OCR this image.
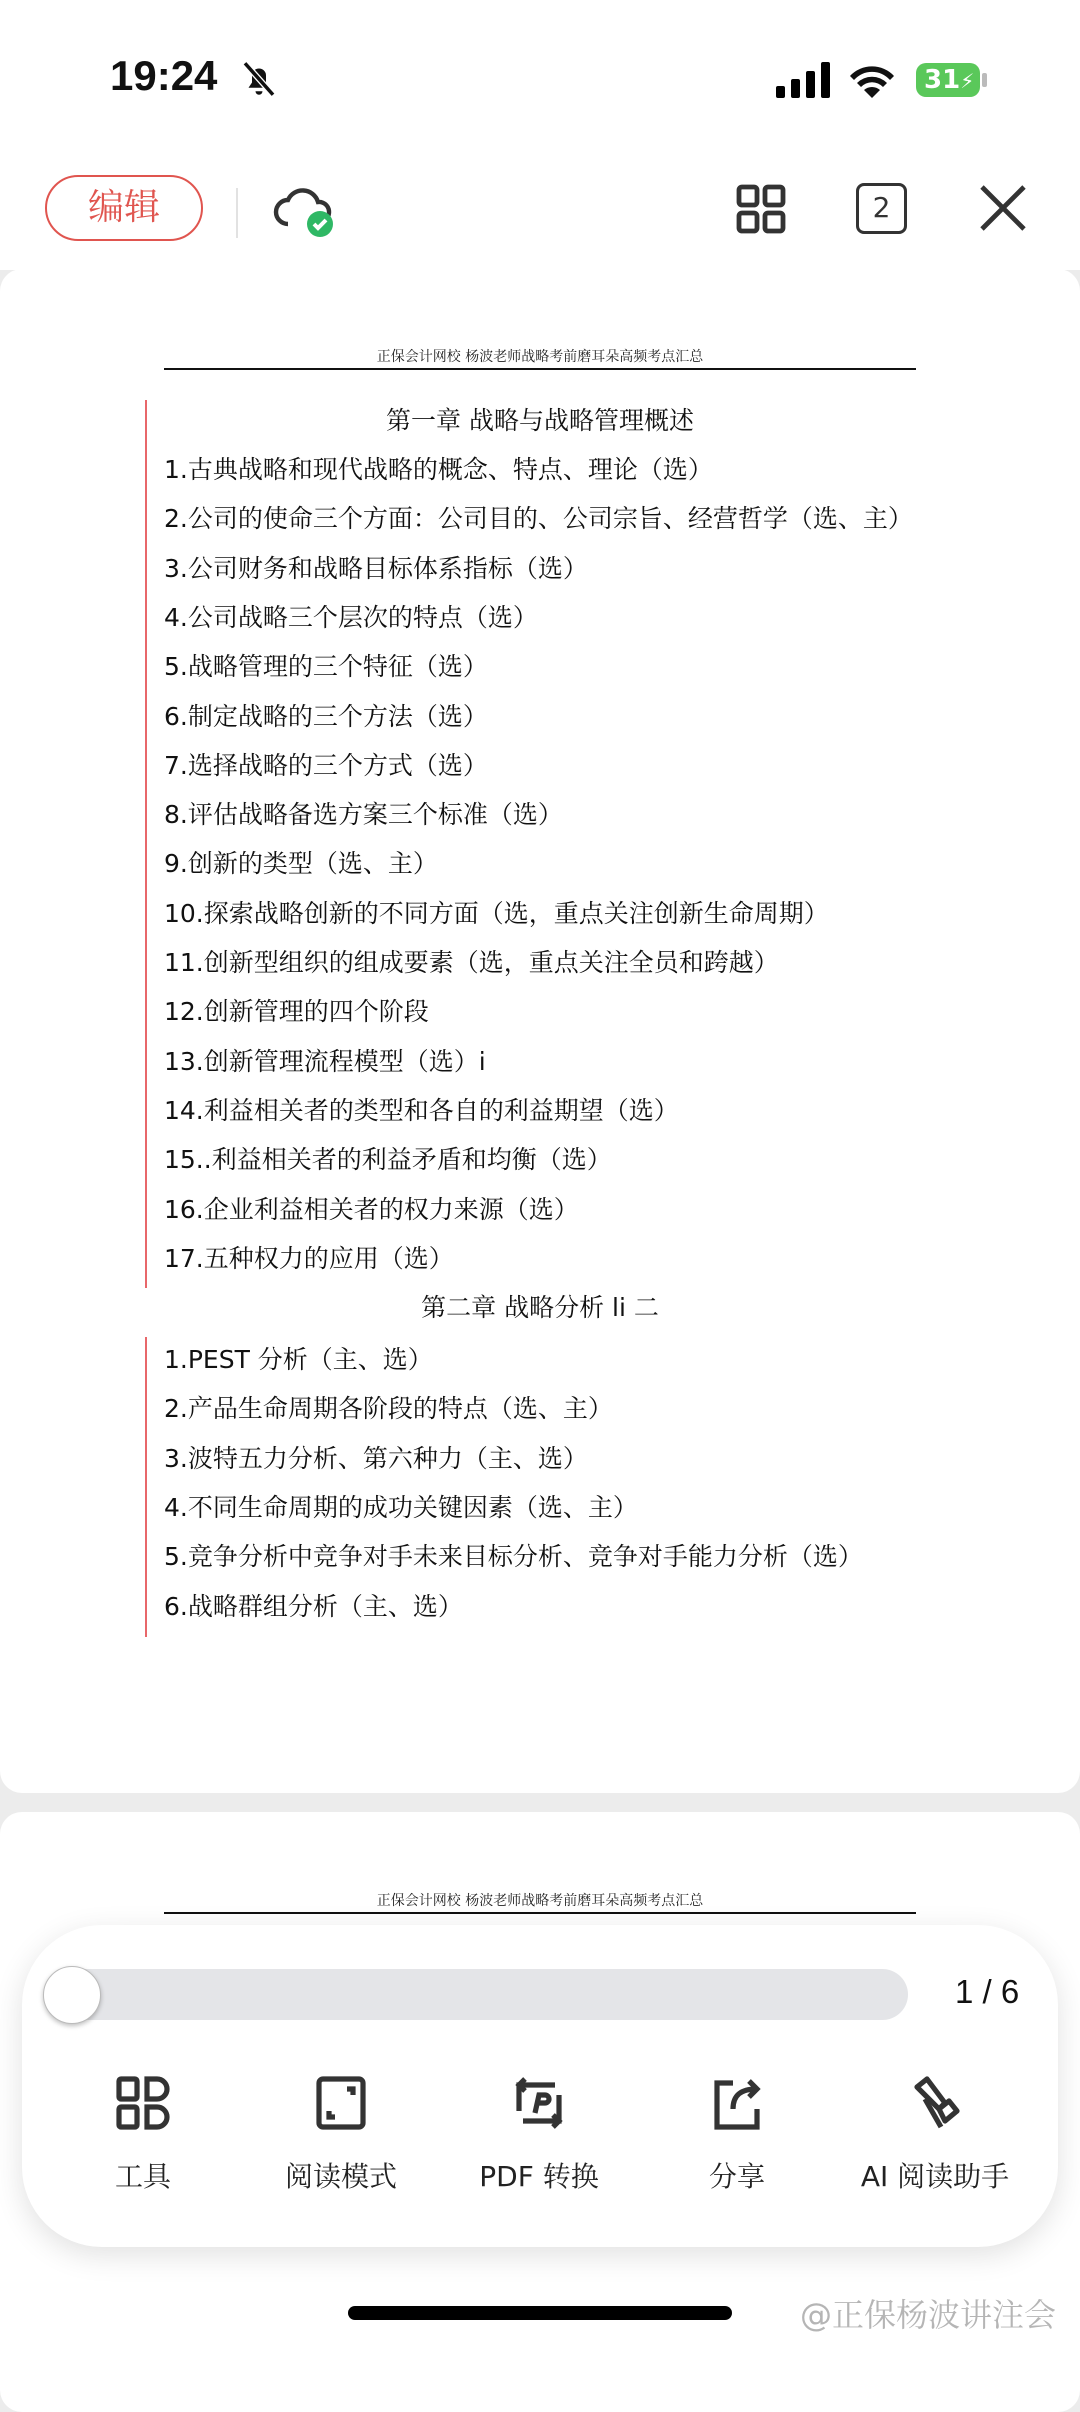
19:24	31⚡
编辑	2
正保会计网校 杨波老师战略考前磨耳朵高频考点汇总
第一章 战略与战略管理概述
1.古典战略和现代战略的概念、特点、理论（选）
2.公司的使命三个方面：公司目的、公司宗旨、经营哲学（选、主）
3.公司财务和战略目标体系指标（选）
4.公司战略三个层次的特点（选）
5.战略管理的三个特征（选）
6.制定战略的三个方法（选）
7.选择战略的三个方式（选）
8.评估战略备选方案三个标准（选）
9.创新的类型（选、主）
10.探索战略创新的不同方面（选，重点关注创新生命周期）
11.创新型组织的组成要素（选，重点关注全员和跨越）
12.创新管理的四个阶段
13.创新管理流程模型（选）i
14.利益相关者的类型和各自的利益期望（选）
15..利益相关者的利益矛盾和均衡（选）
16.企业利益相关者的权力来源（选）
17.五种权力的应用（选）
第二章 战略分析 li 二
1.PEST 分析（主、选）
2.产品生命周期各阶段的特点（选、主）
3.波特五力分析、第六种力（主、选）
4.不同生命周期的成功关键因素（选、主）
5.竞争分析中竞争对手未来目标分析、竞争对手能力分析（选）
6.战略群组分析（主、选）
正保会计网校 杨波老师战略考前磨耳朵高频考点汇总
1 / 6
工具	阅读模式	PDF 转换	分享	AI 阅读助手
@正保杨波讲注会
